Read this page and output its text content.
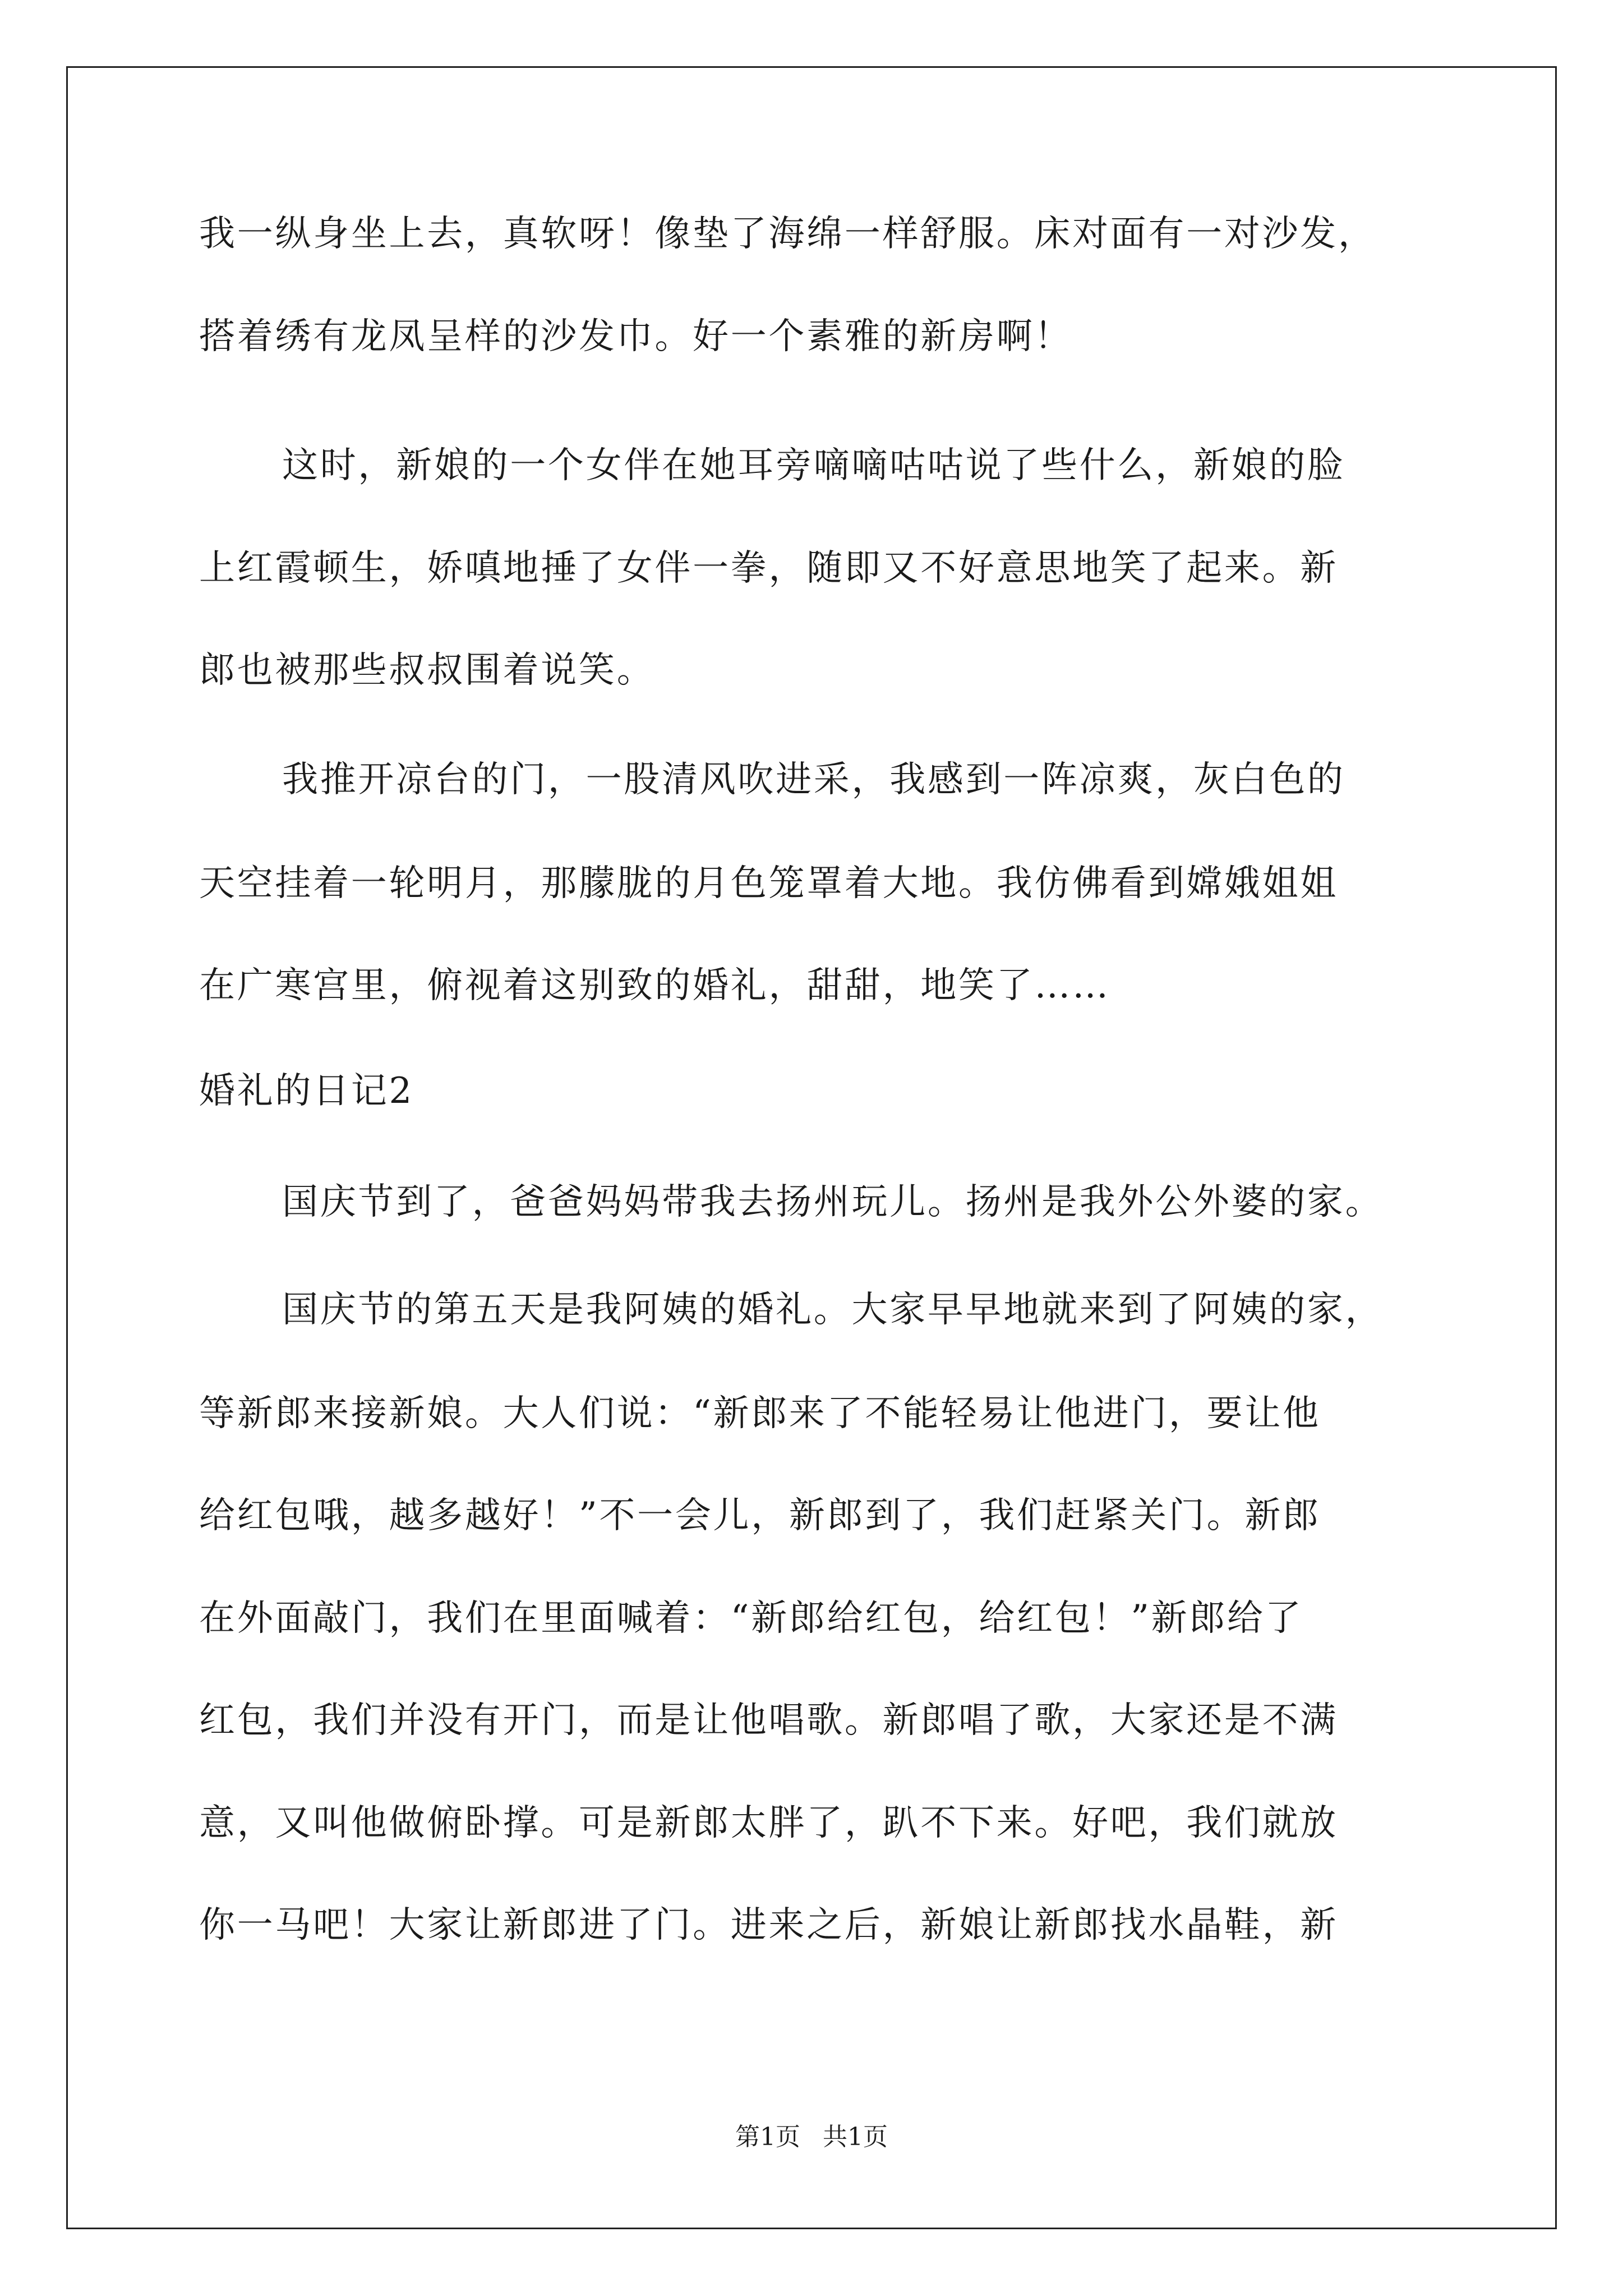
我一纵身坐上去，真软呀！像垫了海绵一样舒服。床对面有一对沙发，
搭着绣有龙凤呈样的沙发巾。好一个素雅的新房啊！
这时，新娘的一个女伴在她耳旁嘀嘀咕咕说了些什么，新娘的脸
上红霞顿生，娇嗔地捶了女伴一拳，随即又不好意思地笑了起来。新
郎也被那些叔叔围着说笑。
我推开凉台的门，一股清风吹进采，我感到一阵凉爽，灰白色的
天空挂着一轮明月，那朦胧的月色笼罩着大地。我仿佛看到嫦娥姐姐
在广寒宫里，俯视着这别致的婚礼，甜甜，地笑了……
婚礼的日记2
国庆节到了，爸爸妈妈带我去扬州玩儿。扬州是我外公外婆的家。
国庆节的第五天是我阿姨的婚礼。大家早早地就来到了阿姨的家，
等新郎来接新娘。大人们说：“新郎来了不能轻易让他进门，要让他
给红包哦，越多越好！”不一会儿，新郎到了，我们赶紧关门。新郎
在外面敲门，我们在里面喊着：“新郎给红包，给红包！”新郎给了
红包，我们并没有开门，而是让他唱歌。新郎唱了歌，大家还是不满
意，又叫他做俯卧撑。可是新郎太胖了，趴不下来。好吧，我们就放
你一马吧！大家让新郎进了门。进来之后，新娘让新郎找水晶鞋，新
第1页 共1页
